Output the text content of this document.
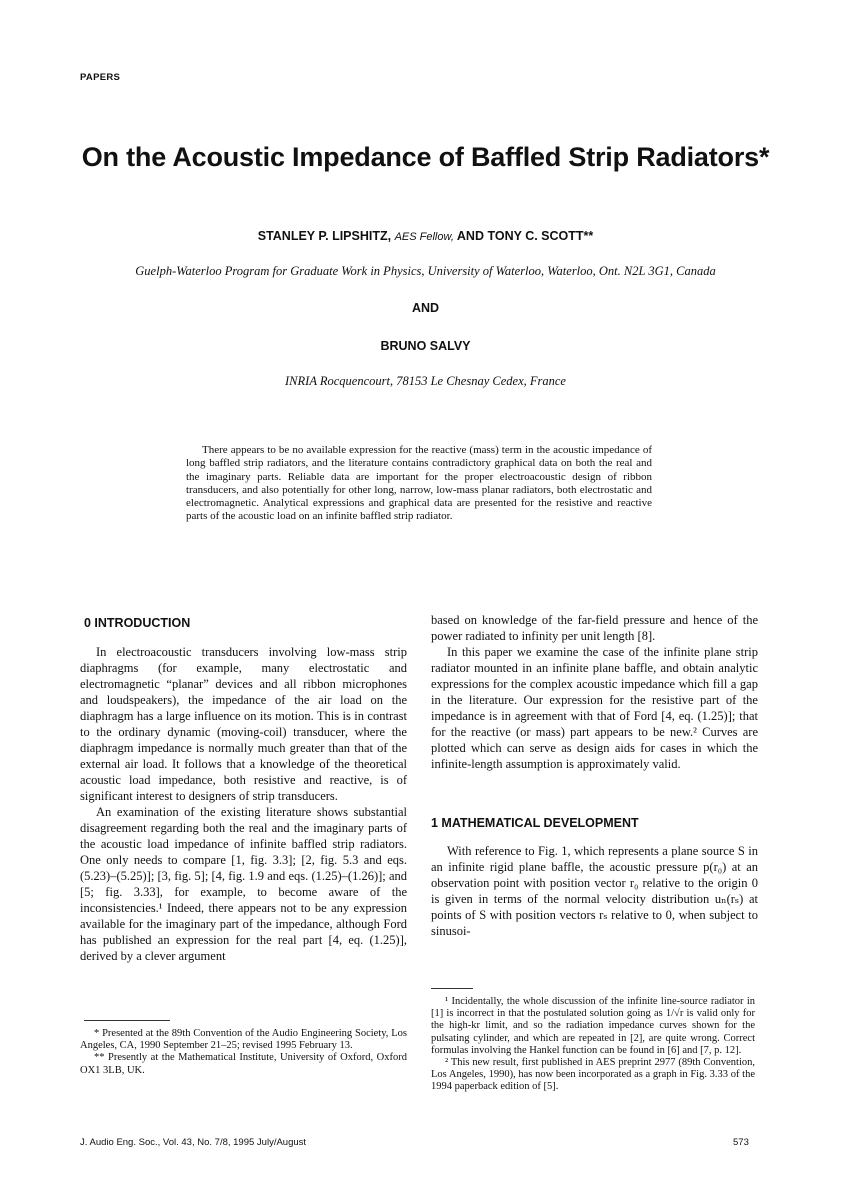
PAPERS
On the Acoustic Impedance of Baffled Strip Radiators*
STANLEY P. LIPSHITZ, AES Fellow, AND TONY C. SCOTT**
Guelph-Waterloo Program for Graduate Work in Physics, University of Waterloo, Waterloo, Ont. N2L 3G1, Canada
AND
BRUNO SALVY
INRIA Rocquencourt, 78153 Le Chesnay Cedex, France

There appears to be no available expression for the reactive (mass) term in the acoustic impedance of long baffled strip radiators, and the literature contains contradictory graphical data on both the real and the imaginary parts. Reliable data are important for the proper electroacoustic design of ribbon transducers, and also potentially for other long, narrow, low-mass planar radiators, both electrostatic and electromagnetic. Analytical expressions and graphical data are presented for the resistive and reactive parts of the acoustic load on an infinite baffled strip radiator.

0 INTRODUCTION

In electroacoustic transducers involving low-mass strip diaphragms (for example, many electrostatic and electromagnetic “planar” devices and all ribbon microphones and loudspeakers), the impedance of the air load on the diaphragm has a large influence on its motion. This is in contrast to the ordinary dynamic (moving-coil) transducer, where the diaphragm impedance is normally much greater than that of the external air load. It follows that a knowledge of the theoretical acoustic load impedance, both resistive and reactive, is of significant interest to designers of strip transducers.

An examination of the existing literature shows substantial disagreement regarding both the real and the imaginary parts of the acoustic load impedance of infinite baffled strip radiators. One only needs to compare [1, fig. 3.3]; [2, fig. 5.3 and eqs. (5.23)–(5.25)]; [3, fig. 5]; [4, fig. 1.9 and eqs. (1.25)–(1.26)]; and [5; fig. 3.33], for example, to become aware of the inconsistencies.¹ Indeed, there appears not to be any expression available for the imaginary part of the impedance, although Ford has published an expression for the real part [4, eq. (1.25)], derived by a clever argument

* Presented at the 89th Convention of the Audio Engineering Society, Los Angeles, CA, 1990 September 21–25; revised 1995 February 13.

** Presently at the Mathematical Institute, University of Oxford, Oxford OX1 3LB, UK.

based on knowledge of the far-field pressure and hence of the power radiated to infinity per unit length [8].

In this paper we examine the case of the infinite plane strip radiator mounted in an infinite plane baffle, and obtain analytic expressions for the complex acoustic impedance which fill a gap in the literature. Our expression for the resistive part of the impedance is in agreement with that of Ford [4, eq. (1.25)]; that for the reactive (or mass) part appears to be new.² Curves are plotted which can serve as design aids for cases in which the infinite-length assumption is approximately valid.

1 MATHEMATICAL DEVELOPMENT

With reference to Fig. 1, which represents a plane source S in an infinite rigid plane baffle, the acoustic pressure p(r₀) at an observation point with position vector r₀ relative to the origin 0 is given in terms of the normal velocity distribution uₙ(rₛ) at points of S with position vectors rₛ relative to 0, when subject to sinusoi-

¹ Incidentally, the whole discussion of the infinite line-source radiator in [1] is incorrect in that the postulated solution going as 1/√r is valid only for the high-kr limit, and so the radiation impedance curves shown for the pulsating cylinder, and which are repeated in [2], are quite wrong. Correct formulas involving the Hankel function can be found in [6] and [7, p. 12].

² This new result, first published in AES preprint 2977 (89th Convention, Los Angeles, 1990), has now been incorporated as a graph in Fig. 3.33 of the 1994 paperback edition of [5].

J. Audio Eng. Soc., Vol. 43, No. 7/8, 1995 July/August	573
